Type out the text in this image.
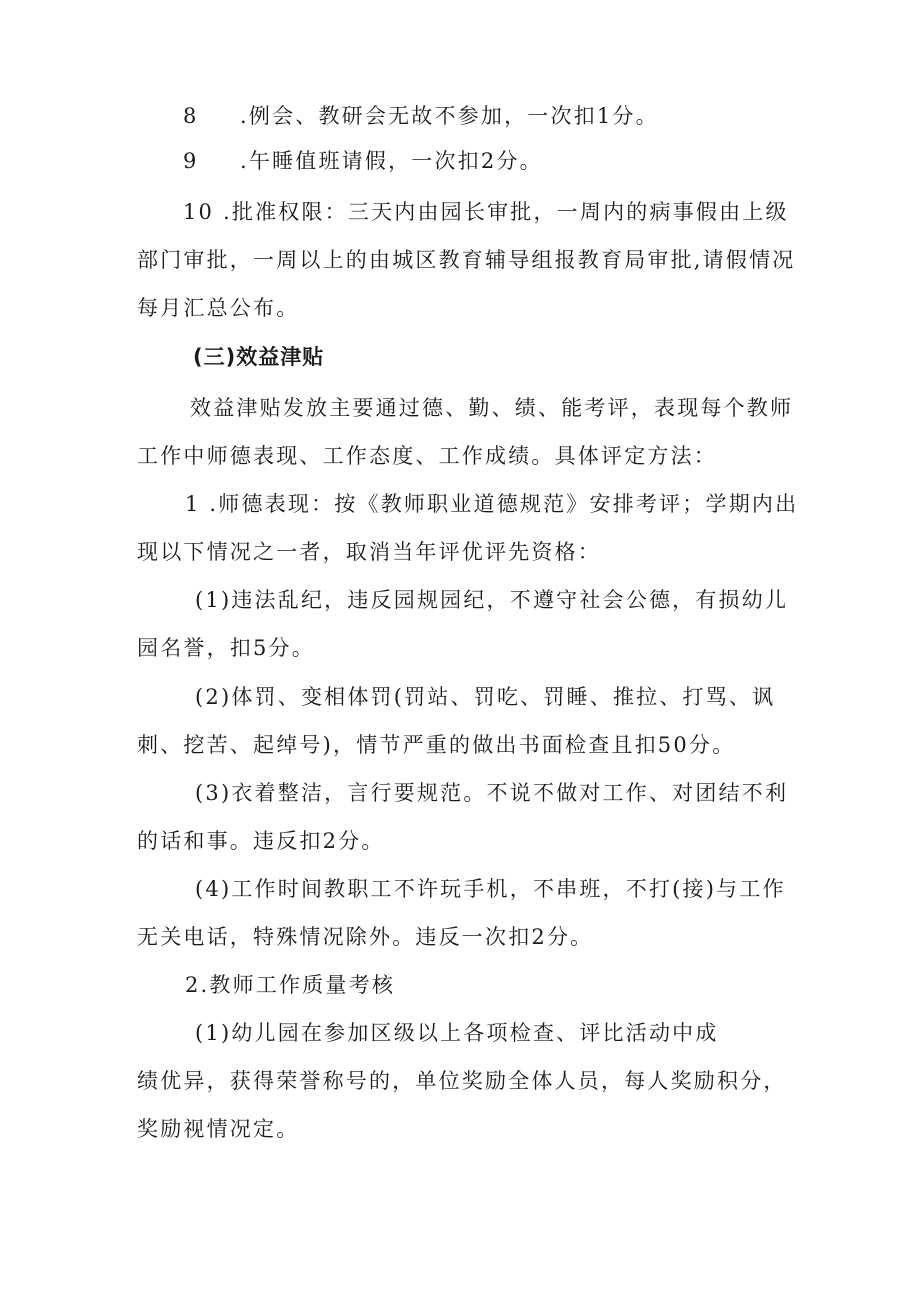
8 .例会、教研会无故不参加，一次扣1分。
9 .午睡值班请假，一次扣2分。
10 .批准权限：三天内由园长审批，一周内的病事假由上级
部门审批，一周以上的由城区教育辅导组报教育局审批,请假情况
每月汇总公布。
(三)效益津贴
效益津贴发放主要通过德、勤、绩、能考评，表现每个教师
工作中师德表现、工作态度、工作成绩。具体评定方法：
1 .师德表现：按《教师职业道德规范》安排考评；学期内出
现以下情况之一者，取消当年评优评先资格：
(1)违法乱纪，违反园规园纪，不遵守社会公德，有损幼儿
园名誉，扣5分。
(2)体罚、变相体罚(罚站、罚吃、罚睡、推拉、打骂、讽
刺、挖苦、起绰号)，情节严重的做出书面检查且扣50分。
(3)衣着整洁，言行要规范。不说不做对工作、对团结不利
的话和事。违反扣2分。
(4)工作时间教职工不许玩手机，不串班，不打(接)与工作
无关电话，特殊情况除外。违反一次扣2分。
2.教师工作质量考核
(1)幼儿园在参加区级以上各项检查、评比活动中成
绩优异，获得荣誉称号的，单位奖励全体人员，每人奖励积分，
奖励视情况定。
